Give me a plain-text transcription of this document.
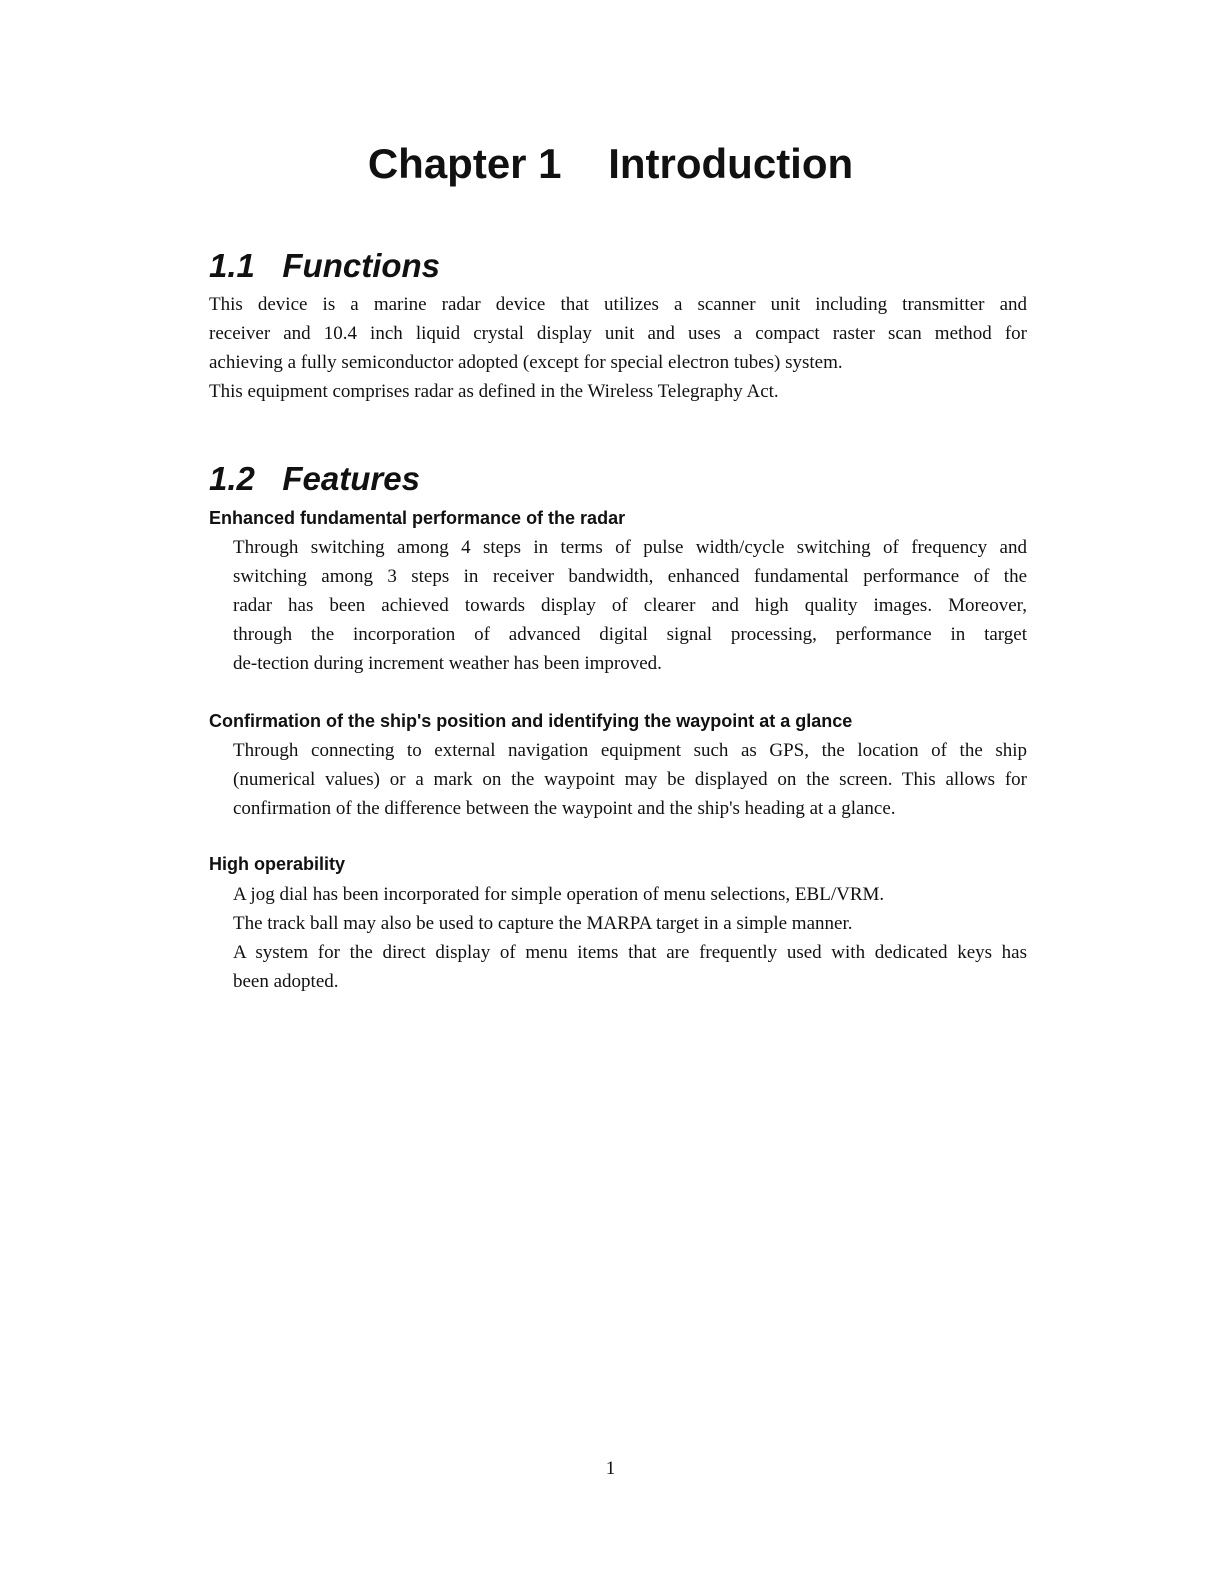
Chapter 1    Introduction
1.1   Functions
This device is a marine radar device that utilizes a scanner unit including transmitter and
receiver and 10.4 inch liquid crystal display unit and uses a compact raster scan method for
achieving a fully semiconductor adopted (except for special electron tubes) system.
This equipment comprises radar as defined in the Wireless Telegraphy Act.
1.2   Features
Enhanced fundamental performance of the radar
Through switching among 4 steps in terms of pulse width/cycle switching of frequency and
switching among 3 steps in receiver bandwidth, enhanced fundamental performance of the
radar has been achieved towards display of clearer and high quality images. Moreover,
through the incorporation of advanced digital signal processing, performance in target
de-tection during increment weather has been improved.
Confirmation of the ship's position and identifying the waypoint at a glance
Through connecting to external navigation equipment such as GPS, the location of the ship
(numerical values) or a mark on the waypoint may be displayed on the screen. This allows for
confirmation of the difference between the waypoint and the ship's heading at a glance.
High operability
A jog dial has been incorporated for simple operation of menu selections, EBL/VRM.
The track ball may also be used to capture the MARPA target in a simple manner.
A system for the direct display of menu items that are frequently used with dedicated keys has
been adopted.
1
